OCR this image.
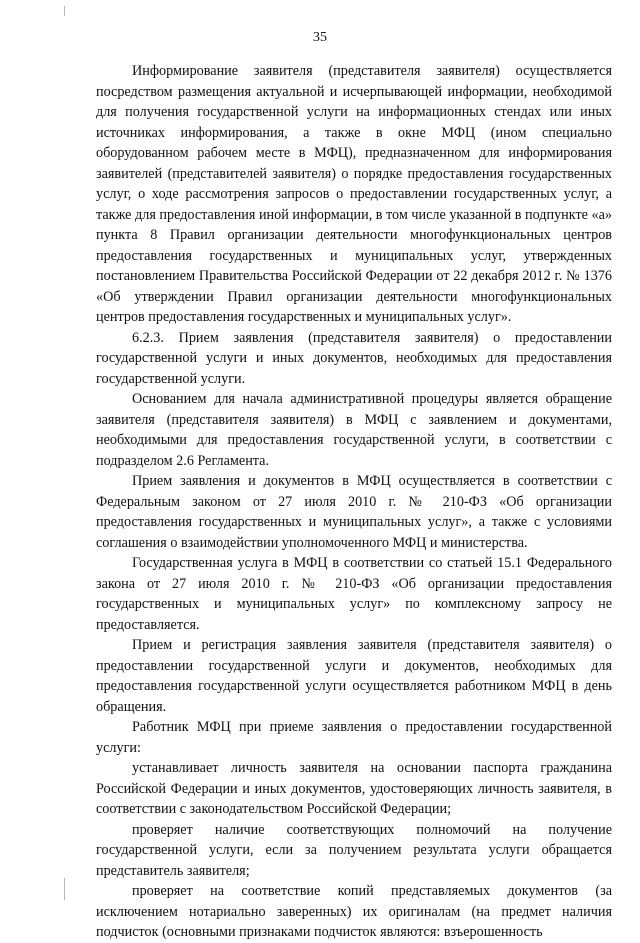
35

Информирование заявителя (представителя заявителя) осуществляется посредством размещения актуальной и исчерпывающей информации, необходимой для получения государственной услуги на информационных стендах или иных источниках информирования, а также в окне МФЦ (ином специально оборудованном рабочем месте в МФЦ), предназначенном для информирования заявителей (представителей заявителя) о порядке предоставления государственных услуг, о ходе рассмотрения запросов о предоставлении государственных услуг, а также для предоставления иной информации, в том числе указанной в подпункте «а» пункта 8 Правил организации деятельности многофункциональных центров предоставления государственных и муниципальных услуг, утвержденных постановлением Правительства Российской Федерации от 22 декабря 2012 г. № 1376 «Об утверждении Правил организации деятельности многофункциональных центров предоставления государственных и муниципальных услуг».

6.2.3. Прием заявления (представителя заявителя) о предоставлении государственной услуги и иных документов, необходимых для предоставления государственной услуги.

Основанием для начала административной процедуры является обращение заявителя (представителя заявителя) в МФЦ с заявлением и документами, необходимыми для предоставления государственной услуги, в соответствии с подразделом 2.6 Регламента.

Прием заявления и документов в МФЦ осуществляется в соответствии с Федеральным законом от 27 июля 2010 г. № 210-ФЗ «Об организации предоставления государственных и муниципальных услуг», а также с условиями соглашения о взаимодействии уполномоченного МФЦ и министерства.

Государственная услуга в МФЦ в соответствии со статьей 15.1 Федерального закона от 27 июля 2010 г. № 210-ФЗ «Об организации предоставления государственных и муниципальных услуг» по комплексному запросу не предоставляется.

Прием и регистрация заявления заявителя (представителя заявителя) о предоставлении государственной услуги и документов, необходимых для предоставления государственной услуги осуществляется работником МФЦ в день обращения.

Работник МФЦ при приеме заявления о предоставлении государственной услуги:

устанавливает личность заявителя на основании паспорта гражданина Российской Федерации и иных документов, удостоверяющих личность заявителя, в соответствии с законодательством Российской Федерации;

проверяет наличие соответствующих полномочий на получение государственной услуги, если за получением результата услуги обращается представитель заявителя;

проверяет на соответствие копий представляемых документов (за исключением нотариально заверенных) их оригиналам (на предмет наличия подчисток (основными признаками подчисток являются: взъерошенность
